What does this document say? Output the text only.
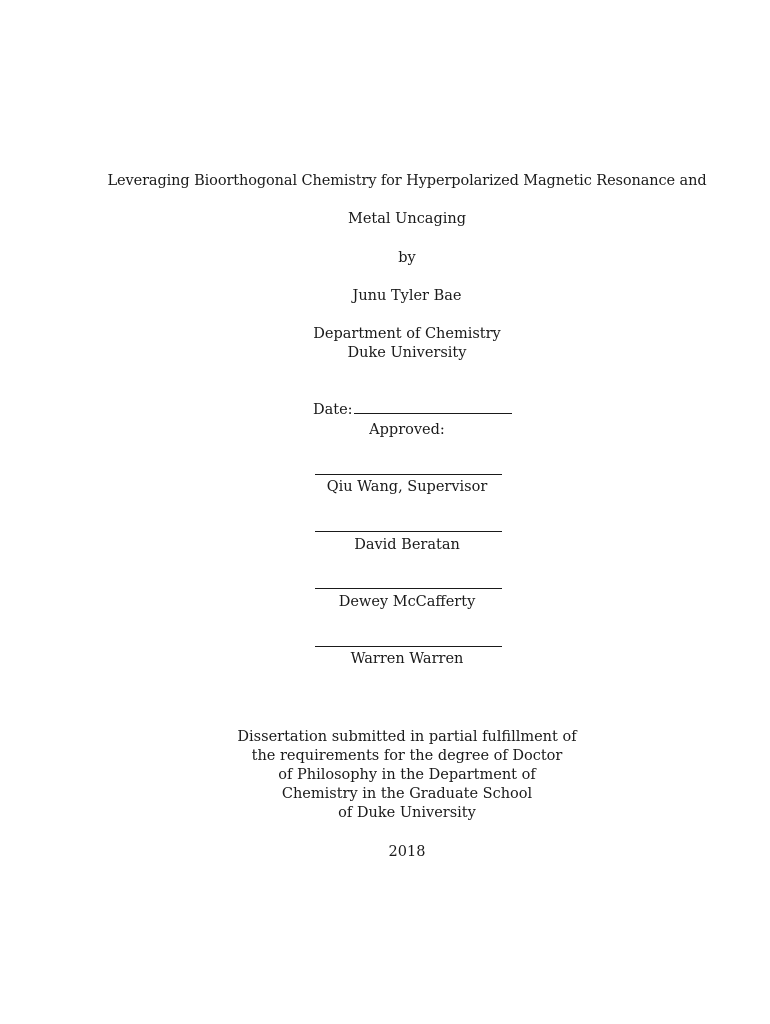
Leveraging Bioorthogonal Chemistry for Hyperpolarized Magnetic Resonance and
Metal Uncaging
by
Junu Tyler Bae
Department of Chemistry
Duke University
Date:
Approved:
Qiu Wang, Supervisor
David Beratan
Dewey McCafferty
Warren Warren
Dissertation submitted in partial fulfillment of
the requirements for the degree of Doctor
of Philosophy in the Department of
Chemistry in the Graduate School
of Duke University
2018
